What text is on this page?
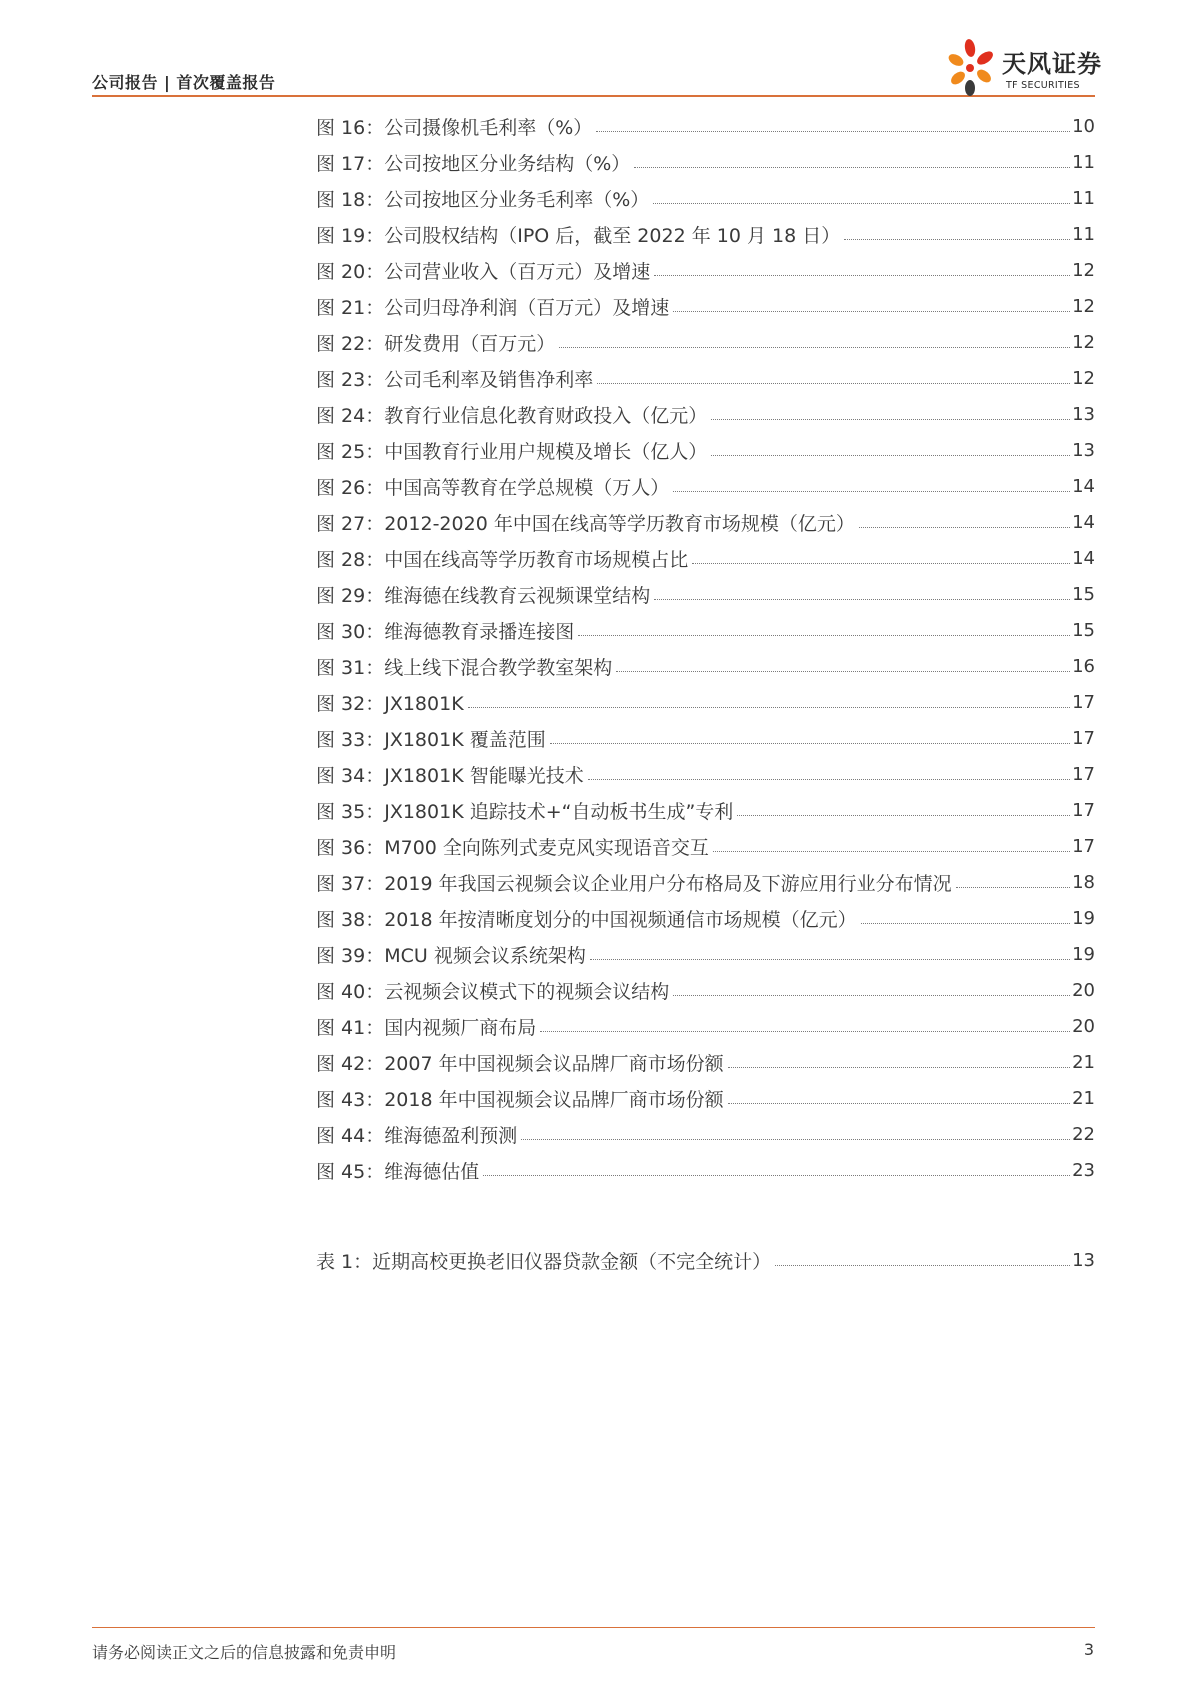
公司报告 | 首次覆盖报告
天风证券
TF SECURITIES
图 16：公司摄像机毛利率（%）	10
图 17：公司按地区分业务结构（%）	11
图 18：公司按地区分业务毛利率（%）	11
图 19：公司股权结构（IPO 后，截至 2022 年 10 月 18 日）	11
图 20：公司营业收入（百万元）及增速	12
图 21：公司归母净利润（百万元）及增速	12
图 22：研发费用（百万元）	12
图 23：公司毛利率及销售净利率	12
图 24：教育行业信息化教育财政投入（亿元）	13
图 25：中国教育行业用户规模及增长（亿人）	13
图 26：中国高等教育在学总规模（万人）	14
图 27：2012-2020 年中国在线高等学历教育市场规模（亿元）	14
图 28：中国在线高等学历教育市场规模占比	14
图 29：维海德在线教育云视频课堂结构	15
图 30：维海德教育录播连接图	15
图 31：线上线下混合教学教室架构	16
图 32：JX1801K	17
图 33：JX1801K 覆盖范围	17
图 34：JX1801K 智能曝光技术	17
图 35：JX1801K 追踪技术+“自动板书生成”专利	17
图 36：M700 全向陈列式麦克风实现语音交互	17
图 37：2019 年我国云视频会议企业用户分布格局及下游应用行业分布情况	18
图 38：2018 年按清晰度划分的中国视频通信市场规模（亿元）	19
图 39：MCU 视频会议系统架构	19
图 40：云视频会议模式下的视频会议结构	20
图 41：国内视频厂商布局	20
图 42：2007 年中国视频会议品牌厂商市场份额	21
图 43：2018 年中国视频会议品牌厂商市场份额	21
图 44：维海德盈利预测	22
图 45：维海德估值	23
表 1：近期高校更换老旧仪器贷款金额（不完全统计）	13
请务必阅读正文之后的信息披露和免责申明	3
